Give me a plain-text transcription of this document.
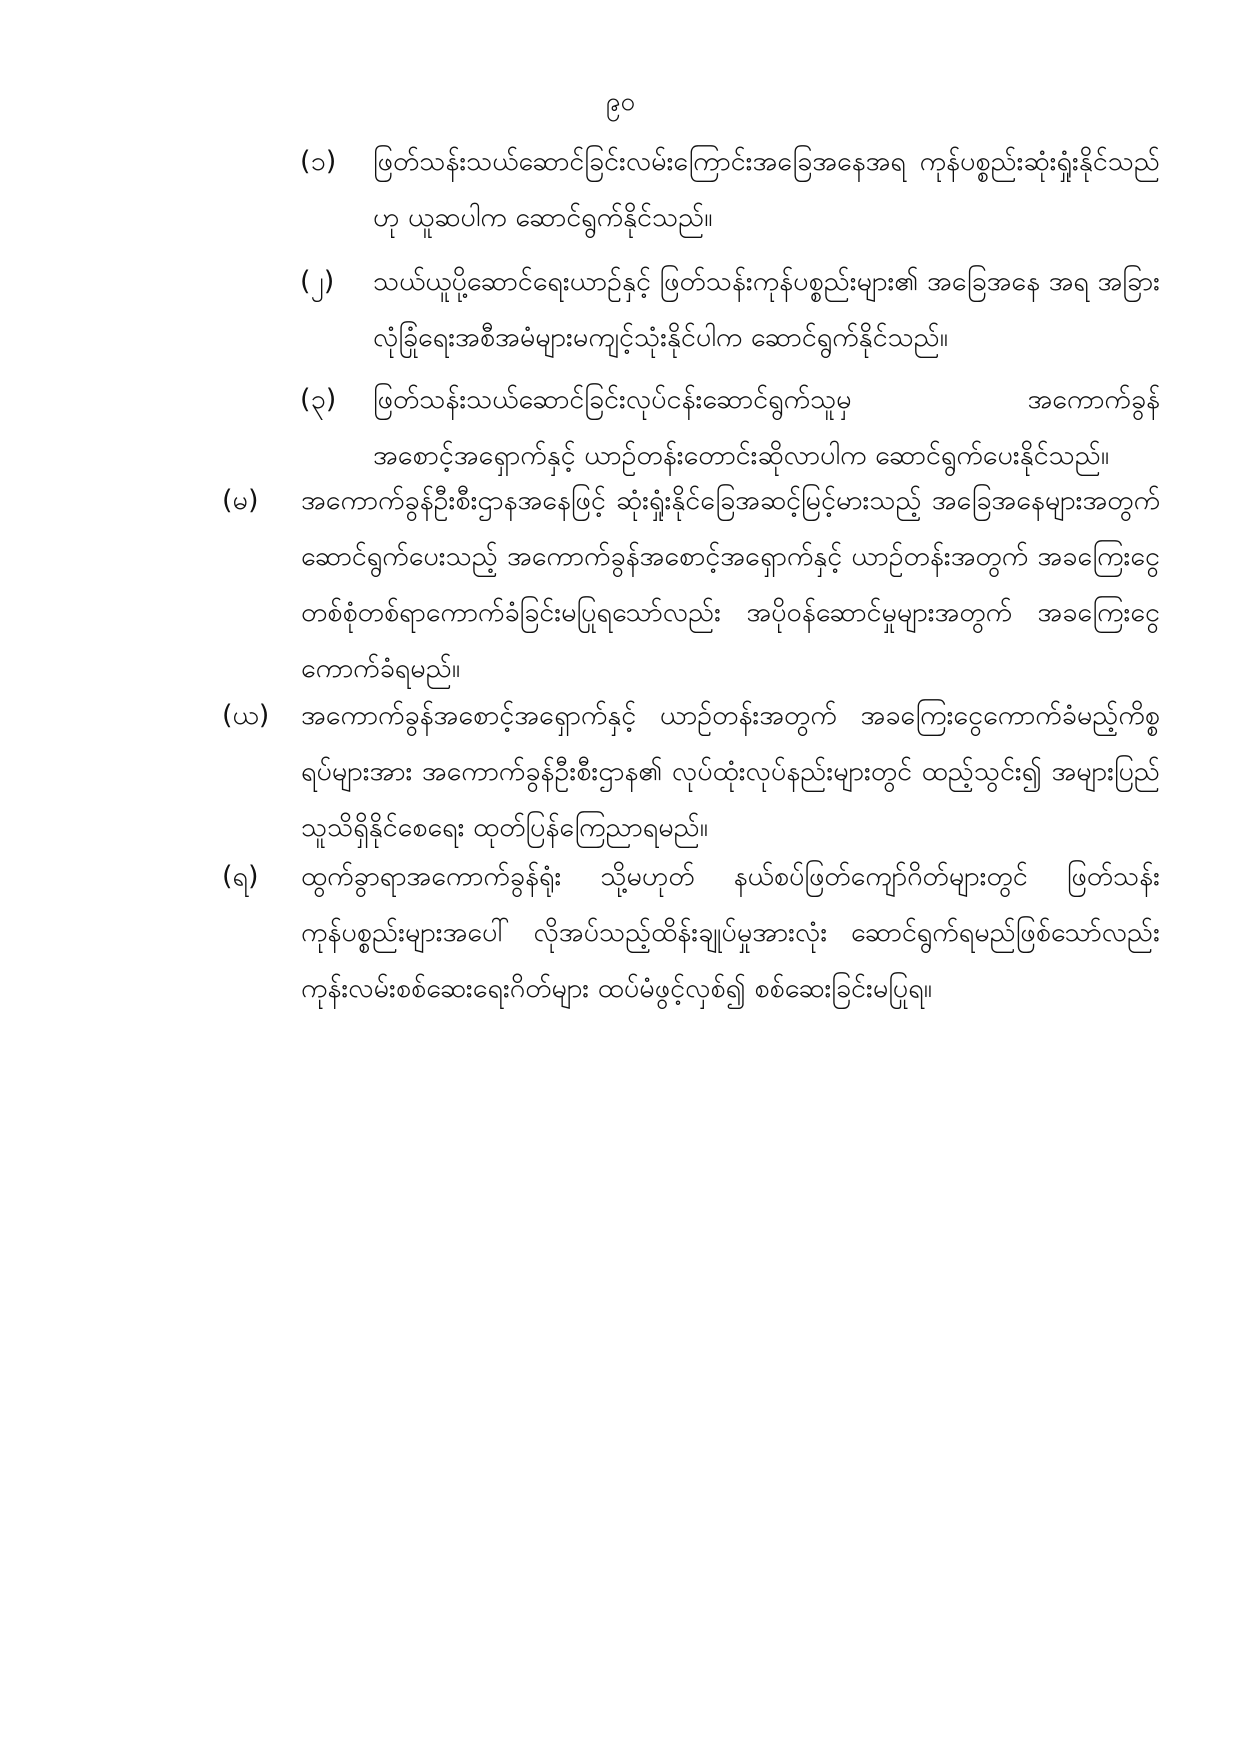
၉၀
(၁) ဖြတ်သန်းသယ်ဆောင်ခြင်းလမ်းကြောင်းအခြေအနေအရ ကုန်ပစ္စည်းဆုံးရှုံးနိုင်သည်ဟု ယူဆပါက ဆောင်ရွက်နိုင်သည်။
(၂) သယ်ယူပို့ဆောင်ရေးယာဉ်နှင့် ဖြတ်သန်းကုန်ပစ္စည်းများ၏ အခြေအနေ အရ အခြားလုံခြုံရေးအစီအမံများမကျင့်သုံးနိုင်ပါက ဆောင်ရွက်နိုင်သည်။
(၃) ဖြတ်သန်းသယ်ဆောင်ခြင်းလုပ်ငန်းဆောင်ရွက်သူမှ အကောက်ခွန်အစောင့်အရှောက်နှင့် ယာဉ်တန်းတောင်းဆိုလာပါက ဆောင်ရွက်ပေးနိုင်သည်။
(မ) အကောက်ခွန်ဦးစီးဌာနအနေဖြင့် ဆုံးရှုံးနိုင်ခြေအဆင့်မြင့်မားသည့် အခြေအနေများအတွက်ဆောင်ရွက်ပေးသည့် အကောက်ခွန်အစောင့်အရှောက်နှင့် ယာဉ်တန်းအတွက် အခကြေးငွေတစ်စုံတစ်ရာကောက်ခံခြင်းမပြုရသော်လည်း အပိုဝန်ဆောင်မှုများအတွက် အခကြေးငွေကောက်ခံရမည်။
(ယ) အကောက်ခွန်အစောင့်အရှောက်နှင့် ယာဉ်တန်းအတွက် အခကြေးငွေကောက်ခံမည့်ကိစ္စရပ်များအား အကောက်ခွန်ဦးစီးဌာန၏ လုပ်ထုံးလုပ်နည်းများတွင် ထည့်သွင်း၍ အများပြည်သူသိရှိနိုင်စေရေး ထုတ်ပြန်ကြေညာရမည်။
(ရ) ထွက်ခွာရာအကောက်ခွန်ရုံး သို့မဟုတ် နယ်စပ်ဖြတ်ကျော်ဂိတ်များတွင် ဖြတ်သန်းကုန်ပစ္စည်းများအပေါ် လိုအပ်သည့်ထိန်းချုပ်မှုအားလုံး ဆောင်ရွက်ရမည်ဖြစ်သော်လည်း ကုန်းလမ်းစစ်ဆေးရေးဂိတ်များ ထပ်မံဖွင့်လှစ်၍ စစ်ဆေးခြင်းမပြုရ။
